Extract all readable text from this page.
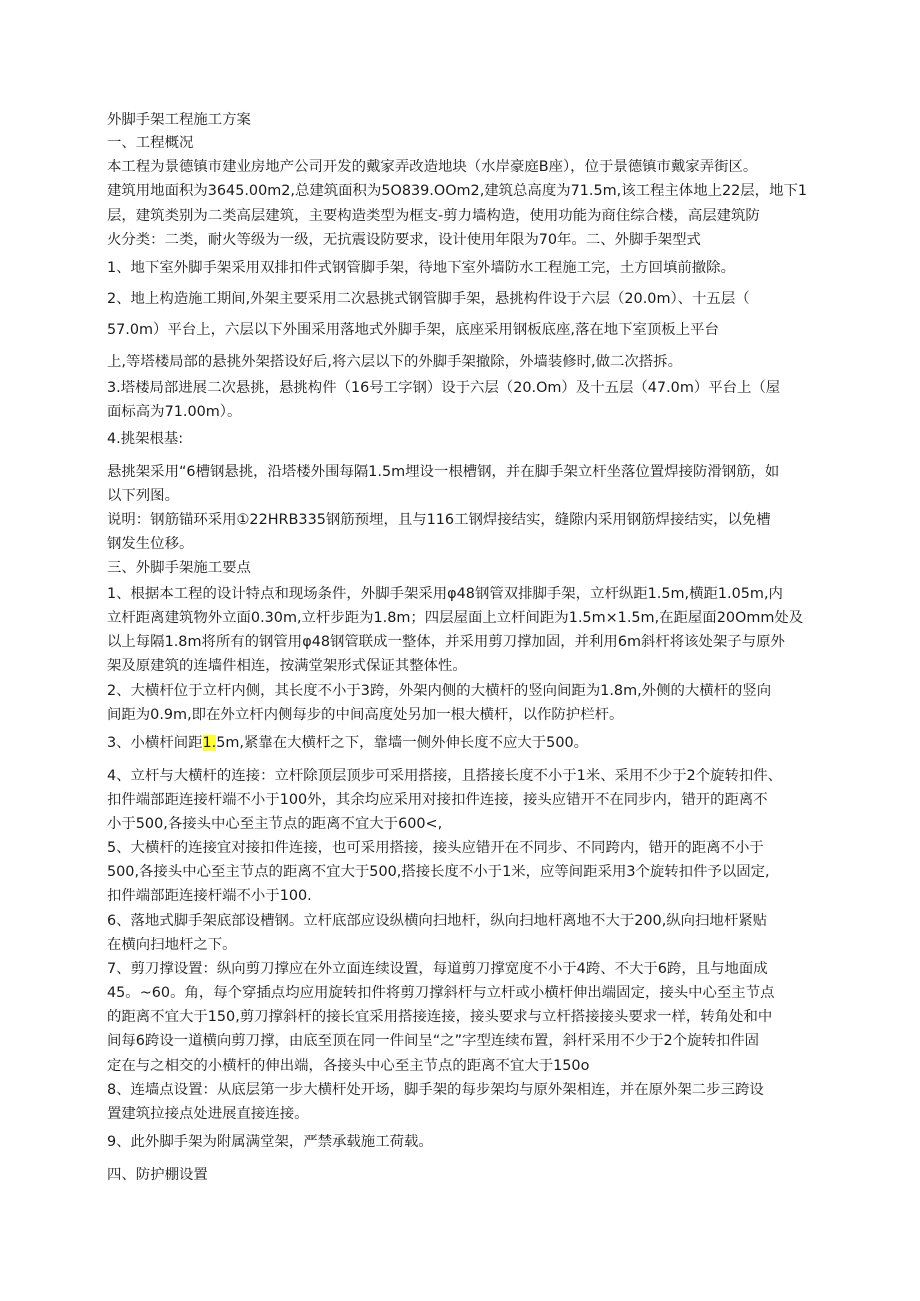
外脚手架工程施工方案
一、工程概况
本工程为景德镇市建业房地产公司开发的戴家弄改造地块（水岸豪庭B座），位于景德镇市戴家弄街区。
建筑用地面积为3645.00m2,总建筑面积为5O839.OOm2,建筑总高度为71.5m,该工程主体地上22层，地下1
层，建筑类别为二类高层建筑，主要构造类型为框支-剪力墙构造，使用功能为商住综合楼，高层建筑防
火分类：二类，耐火等级为一级，无抗震设防要求，设计使用年限为70年。二、外脚手架型式
1、地下室外脚手架采用双排扣件式钢管脚手架，待地下室外墙防水工程施工完，土方回填前撤除。
2、地上构造施工期间,外架主要采用二次悬挑式钢管脚手架，悬挑构件设于六层（20.0m）、十五层（
57.0m）平台上，六层以下外围采用落地式外脚手架，底座采用钢板底座,落在地下室顶板上平台
上,等塔楼局部的悬挑外架搭设好后,将六层以下的外脚手架撤除，外墙装修时,做二次搭拆。
3.塔楼局部进展二次悬挑，悬挑构件（16号工字钢）设于六层（20.Om）及十五层（47.0m）平台上（屋
面标高为71.00m）。
4.挑架根基:
悬挑架采用“6槽钢悬挑，沿塔楼外围每隔1.5m埋设一根槽钢，并在脚手架立杆坐落位置焊接防滑钢筋，如
以下列图。
说明：钢筋锚环采用①22HRB335钢筋预埋，且与116工钢焊接结实，缝隙内采用钢筋焊接结实，以免槽
钢发生位移。
三、外脚手架施工要点
1、根据本工程的设计特点和现场条件，外脚手架采用φ48钢管双排脚手架，立杆纵距1.5m,横距1.05m,内
立杆距离建筑物外立面0.30m,立杆步距为1.8m；四层屋面上立杆间距为1.5m×1.5m,在距屋面20Omm处及
以上每隔1.8m将所有的钢管用φ48钢管联成一整体，并采用剪刀撑加固，并利用6m斜杆将该处架子与原外
架及原建筑的连墙件相连，按满堂架形式保证其整体性。
2、大横杆位于立杆内侧，其长度不小于3跨，外架内侧的大横杆的竖向间距为1.8m,外侧的大横杆的竖向
间距为0.9m,即在外立杆内侧每步的中间高度处另加一根大横杆，以作防护栏杆。
3、小横杆间距1.5m,紧靠在大横杆之下，靠墙一侧外伸长度不应大于500。
4、立杆与大横杆的连接：立杆除顶层顶步可采用搭接，且搭接长度不小于1米、采用不少于2个旋转扣件、
扣件端部距连接杆端不小于100外，其余均应采用对接扣件连接，接头应错开不在同步内，错开的距离不
小于500,各接头中心至主节点的距离不宜大于600<,
5、大横杆的连接宜对接扣件连接，也可采用搭接，接头应错开在不同步、不同跨内，错开的距离不小于
500,各接头中心至主节点的距离不宜大于500,搭接长度不小于1米，应等间距采用3个旋转扣件予以固定,
扣件端部距连接杆端不小于100.
6、落地式脚手架底部设槽钢。立杆底部应设纵横向扫地杆，纵向扫地杆离地不大于200,纵向扫地杆紧贴
在横向扫地杆之下。
7、剪刀撑设置：纵向剪刀撑应在外立面连续设置，每道剪刀撑宽度不小于4跨、不大于6跨，且与地面成
45。~60。角，每个穿插点均应用旋转扣件将剪刀撑斜杆与立杆或小横杆伸出端固定，接头中心至主节点
的距离不宜大于150,剪刀撑斜杆的接长宜采用搭接连接，接头要求与立杆搭接接头要求一样，转角处和中
间每6跨设一道横向剪刀撑，由底至顶在同一件间呈“之”字型连续布置，斜杆采用不少于2个旋转扣件固
定在与之相交的小横杆的伸出端，各接头中心至主节点的距离不宜大于150o
8、连墙点设置：从底层第一步大横杆处开场，脚手架的每步架均与原外架相连，并在原外架二步三跨设
置建筑拉接点处进展直接连接。
9、此外脚手架为附属满堂架，严禁承载施工荷载。
四、防护棚设置
